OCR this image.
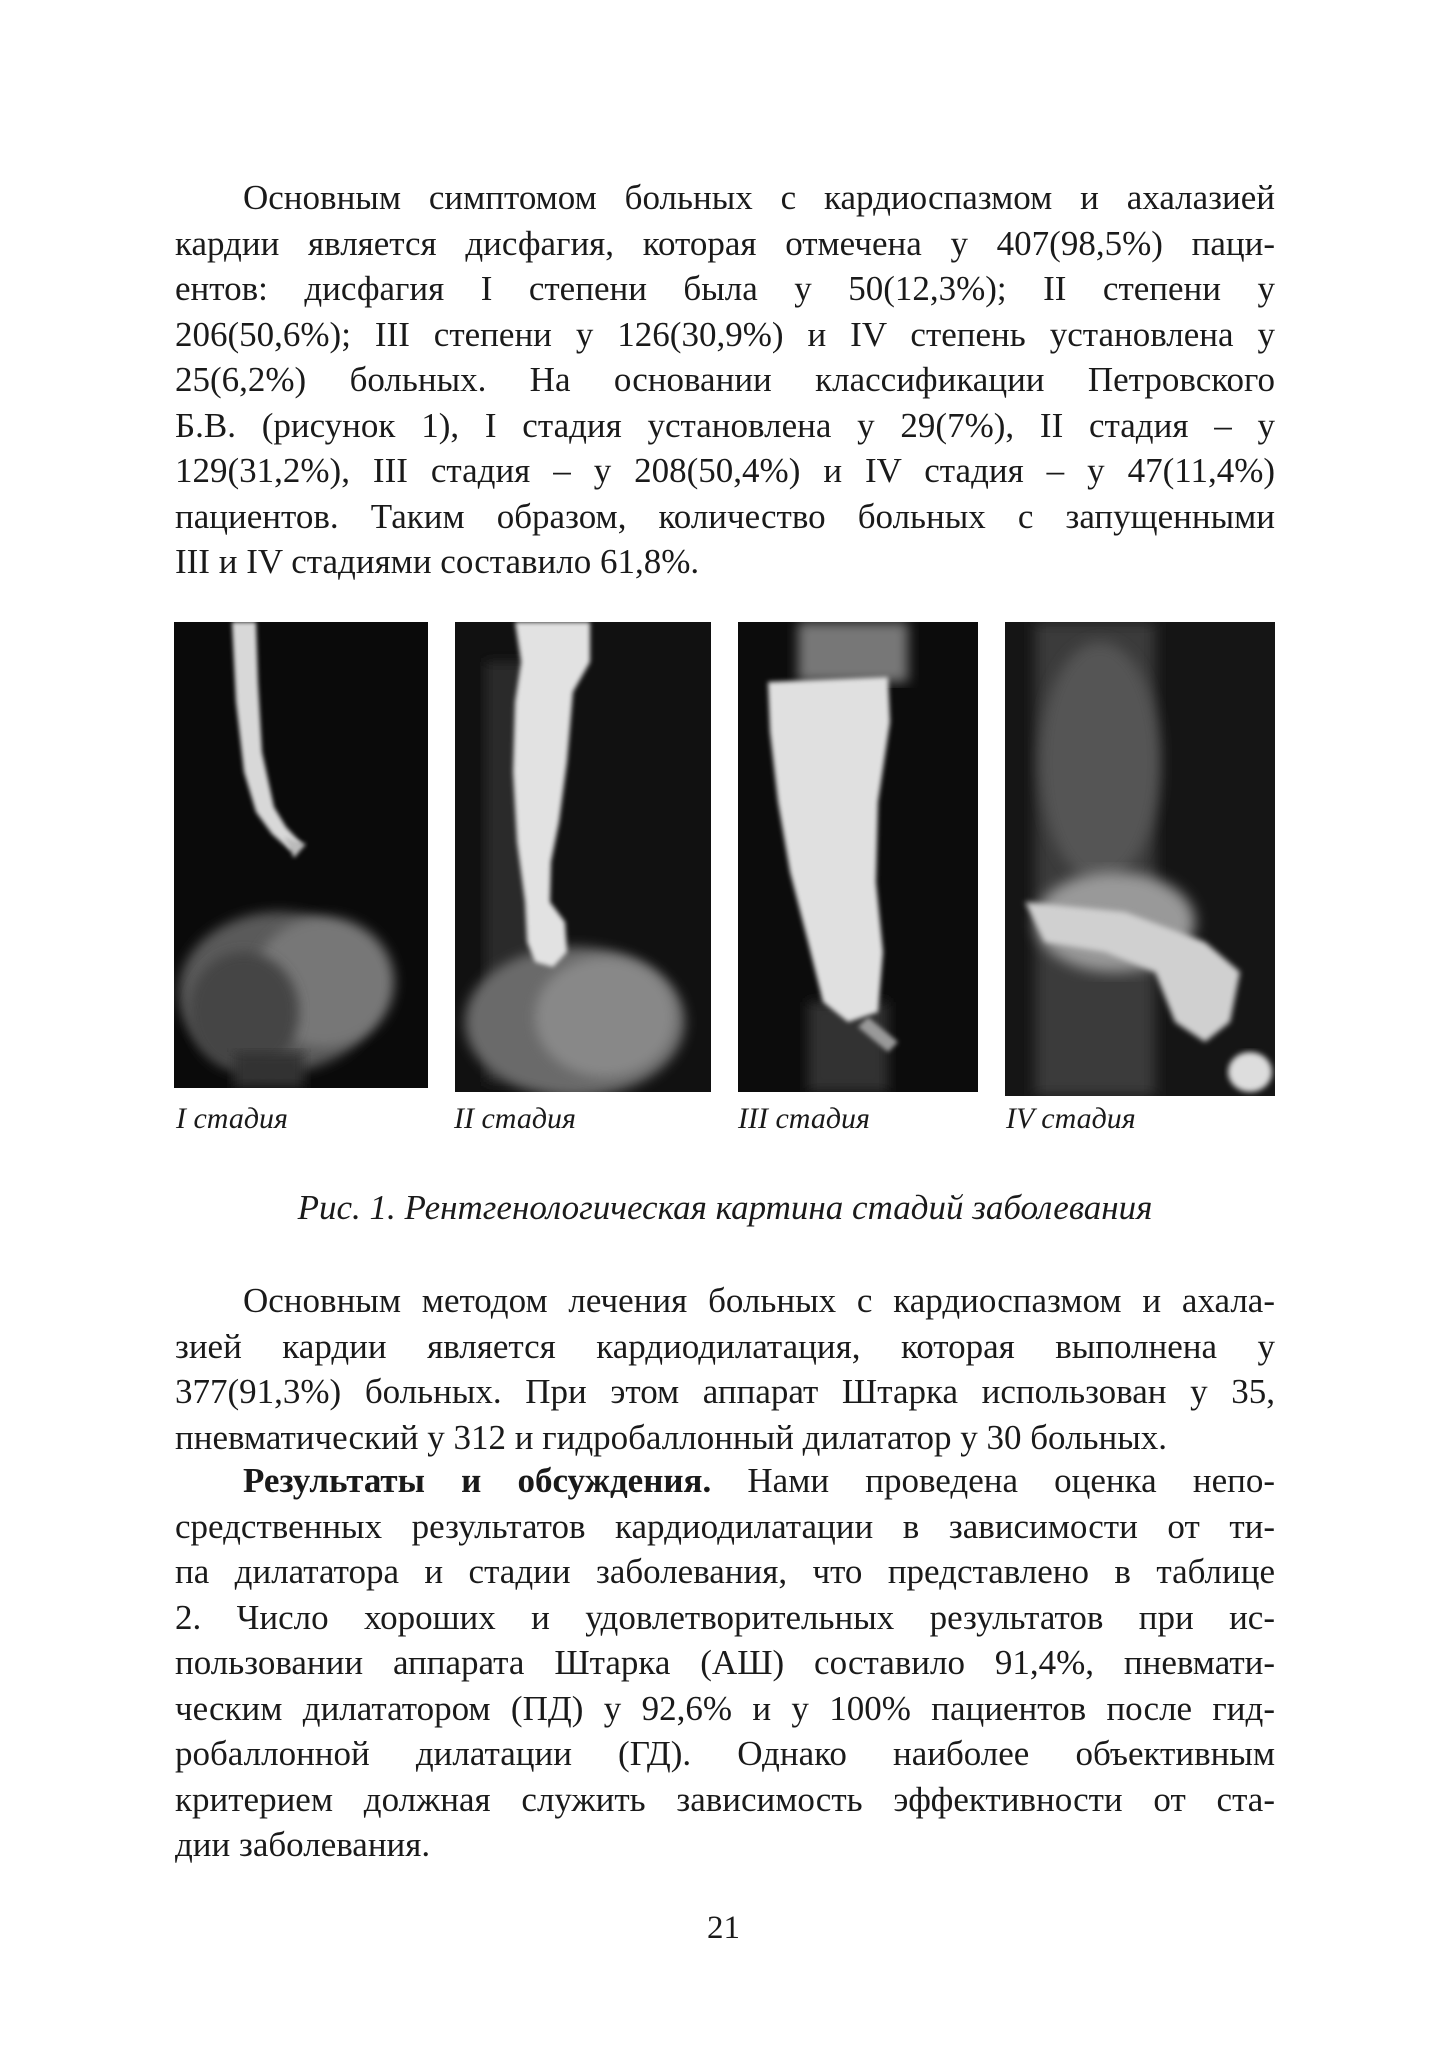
Основным симптомом больных с кардиоспазмом и ахалазией
кардии является дисфагия, которая отмечена у 407(98,5%) паци-
ентов: дисфагия I степени была у 50(12,3%); II степени у
206(50,6%); III степени у 126(30,9%) и IV степень установлена у
25(6,2%) больных. На основании классификации Петровского
Б.В. (рисунок 1), I стадия установлена у 29(7%), II стадия – у
129(31,2%), III стадия – у 208(50,4%) и IV стадия – у 47(11,4%)
пациентов. Таким образом, количество больных с запущенными
III и IV стадиями составило 61,8%.
I стадия	II стадия	III стадия	IV стадия
Рис. 1. Рентгенологическая картина стадий заболевания
Основным методом лечения больных с кардиоспазмом и ахала-
зией кардии является кардиодилатация, которая выполнена у
377(91,3%) больных. При этом аппарат Штарка использован у 35,
пневматический у 312 и гидробаллонный дилататор у 30 больных.
Результаты и обсуждения. Нами проведена оценка непо-
средственных результатов кардиодилатации в зависимости от ти-
па дилататора и стадии заболевания, что представлено в таблице
2. Число хороших и удовлетворительных результатов при ис-
пользовании аппарата Штарка (АШ) составило 91,4%, пневмати-
ческим дилататором (ПД) у 92,6% и у 100% пациентов после гид-
робаллонной дилатации (ГД). Однако наиболее объективным
критерием должная служить зависимость эффективности от ста-
дии заболевания.
21
